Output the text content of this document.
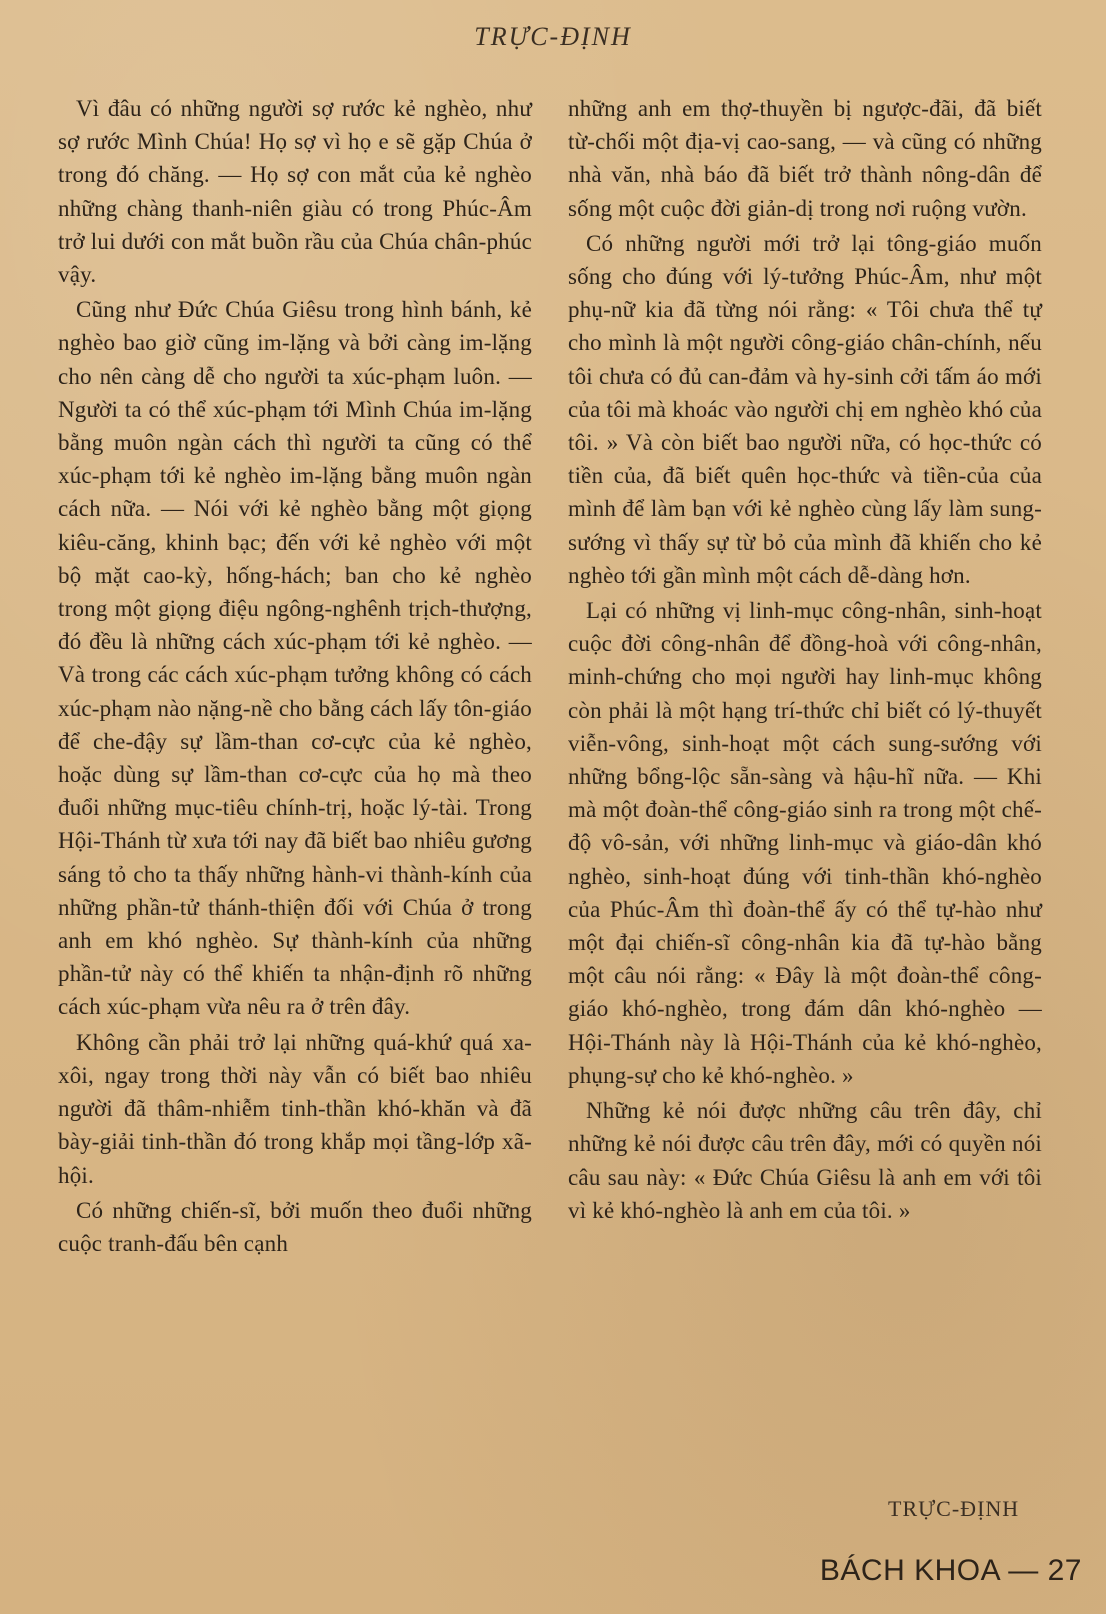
TRỰC-ĐỊNH

Vì đâu có những người sợ rước kẻ nghèo, như sợ rước Mình Chúa! Họ sợ vì họ e sẽ gặp Chúa ở trong đó chăng. — Họ sợ con mắt của kẻ nghèo những chàng thanh-niên giàu có trong Phúc-Âm trở lui dưới con mắt buồn rầu của Chúa chân-phúc vậy.

Cũng như Đức Chúa Giêsu trong hình bánh, kẻ nghèo bao giờ cũng im-lặng và bởi càng im-lặng cho nên càng dễ cho người ta xúc-phạm luôn. — Người ta có thể xúc-phạm tới Mình Chúa im-lặng bằng muôn ngàn cách thì người ta cũng có thể xúc-phạm tới kẻ nghèo im-lặng bằng muôn ngàn cách nữa. — Nói với kẻ nghèo bằng một giọng kiêu-căng, khinh bạc; đến với kẻ nghèo với một bộ mặt cao-kỳ, hống-hách; ban cho kẻ nghèo trong một giọng điệu ngông-nghênh trịch-thượng, đó đều là những cách xúc-phạm tới kẻ nghèo. — Và trong các cách xúc-phạm tưởng không có cách xúc-phạm nào nặng-nề cho bằng cách lấy tôn-giáo để che-đậy sự lầm-than cơ-cực của kẻ nghèo, hoặc dùng sự lầm-than cơ-cực của họ mà theo đuổi những mục-tiêu chính-trị, hoặc lý-tài. Trong Hội-Thánh từ xưa tới nay đã biết bao nhiêu gương sáng tỏ cho ta thấy những hành-vi thành-kính của những phần-tử thánh-thiện đối với Chúa ở trong anh em khó nghèo. Sự thành-kính của những phần-tử này có thể khiến ta nhận-định rõ những cách xúc-phạm vừa nêu ra ở trên đây.

Không cần phải trở lại những quá-khứ quá xa-xôi, ngay trong thời này vẫn có biết bao nhiêu người đã thâm-nhiễm tinh-thần khó-khăn và đã bày-giải tinh-thần đó trong khắp mọi tầng-lớp xã-hội.

Có những chiến-sĩ, bởi muốn theo đuổi những cuộc tranh-đấu bên cạnh

những anh em thợ-thuyền bị ngược-đãi, đã biết từ-chối một địa-vị cao-sang, — và cũng có những nhà văn, nhà báo đã biết trở thành nông-dân để sống một cuộc đời giản-dị trong nơi ruộng vườn.

Có những người mới trở lại tông-giáo muốn sống cho đúng với lý-tưởng Phúc-Âm, như một phụ-nữ kia đã từng nói rằng: « Tôi chưa thể tự cho mình là một người công-giáo chân-chính, nếu tôi chưa có đủ can-đảm và hy-sinh cởi tấm áo mới của tôi mà khoác vào người chị em nghèo khó của tôi. » Và còn biết bao người nữa, có học-thức có tiền của, đã biết quên học-thức và tiền-của của mình để làm bạn với kẻ nghèo cùng lấy làm sung-sướng vì thấy sự từ bỏ của mình đã khiến cho kẻ nghèo tới gần mình một cách dễ-dàng hơn.

Lại có những vị linh-mục công-nhân, sinh-hoạt cuộc đời công-nhân để đồng-hoà với công-nhân, minh-chứng cho mọi người hay linh-mục không còn phải là một hạng trí-thức chỉ biết có lý-thuyết viễn-vông, sinh-hoạt một cách sung-sướng với những bổng-lộc sẵn-sàng và hậu-hĩ nữa. — Khi mà một đoàn-thể công-giáo sinh ra trong một chế-độ vô-sản, với những linh-mục và giáo-dân khó nghèo, sinh-hoạt đúng với tinh-thần khó-nghèo của Phúc-Âm thì đoàn-thể ấy có thể tự-hào như một đại chiến-sĩ công-nhân kia đã tự-hào bằng một câu nói rằng: « Đây là một đoàn-thể công-giáo khó-nghèo, trong đám dân khó-nghèo — Hội-Thánh này là Hội-Thánh của kẻ khó-nghèo, phụng-sự cho kẻ khó-nghèo. »

Những kẻ nói được những câu trên đây, chỉ những kẻ nói được câu trên đây, mới có quyền nói câu sau này: « Đức Chúa Giêsu là anh em với tôi vì kẻ khó-nghèo là anh em của tôi. »

TRỰC-ĐỊNH
BÁCH KHOA — 27
